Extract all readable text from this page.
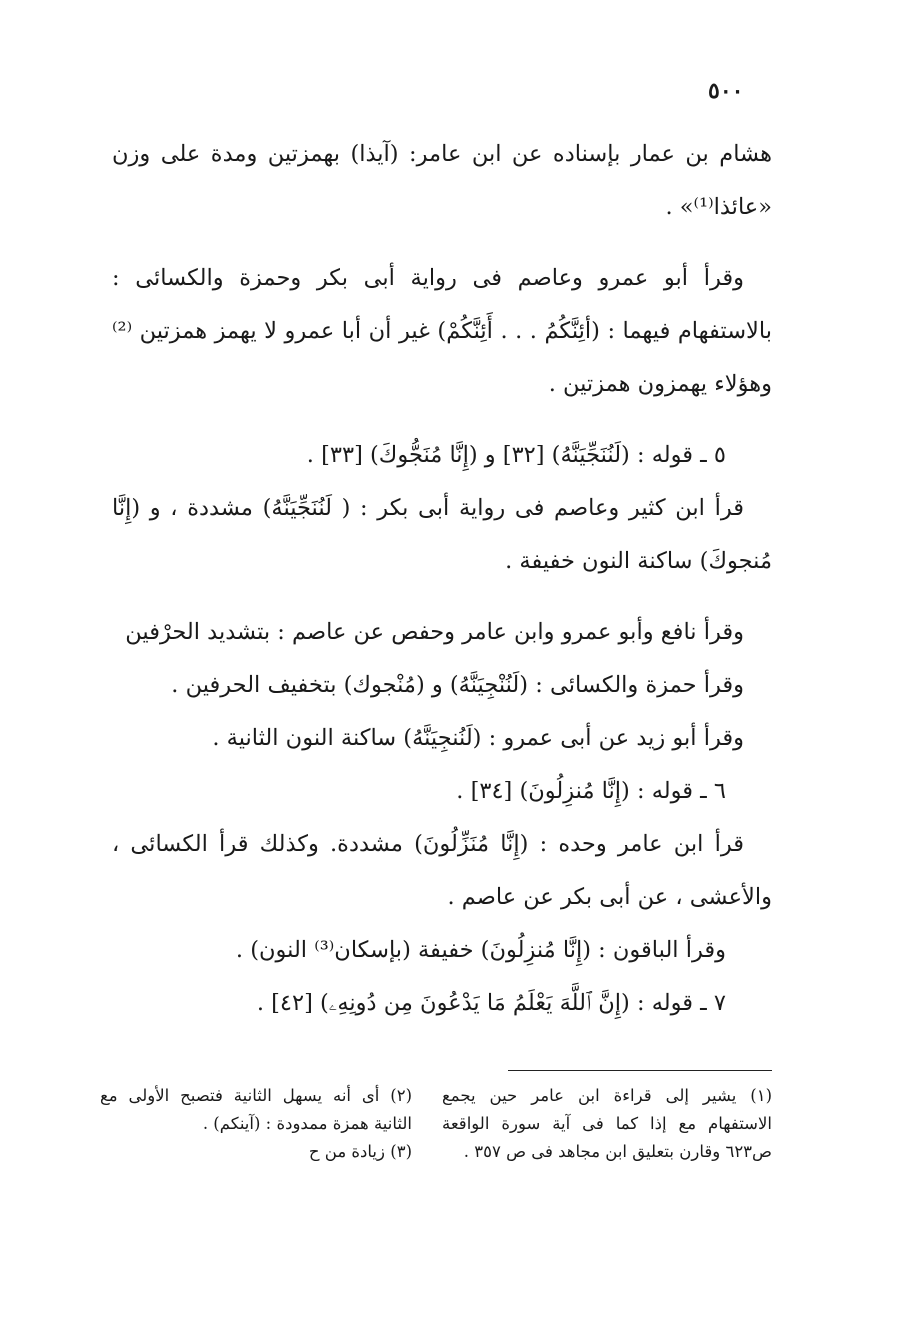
٥٠٠

هشام بن عمار بإسناده عن ابن عامر: (آيذا) بهمزتين ومدة على وزن «عائذا⁽¹⁾» .

وقرأ أبو عمرو وعاصم فى رواية أبى بكر وحمزة والكسائى : بالاستفهام فيهما : (أئِنَّكُمُ . . . أَئِنَّكُمْ) غير أن أبا عمرو لا يهمز همزتين ⁽²⁾ وهؤلاء يهمزون همزتين .

٥ ـ قوله : (لَنُنَجِّيَنَّهُ) [٣٢] و (إِنَّا مُنَجُّوكَ) [٣٣] .

قرأ ابن كثير وعاصم فى رواية أبى بكر : ( لَنُنَجِّيَنَّهُ) مشددة ، و (إِنَّا مُنجوكَ) ساكنة النون خفيفة .

وقرأ نافع وأبو عمرو وابن عامر وحفص عن عاصم : بتشديد الحرْفين

وقرأ حمزة والكسائى : (لَنُنْجِيَنَّهُ) و (مُنْجوك) بتخفيف الحرفين .

وقرأ أبو زيد عن أبى عمرو : (لَنُنجِيَنَّهُ) ساكنة النون الثانية .

٦ ـ قوله : (إِنَّا مُنزِلُونَ) [٣٤] .

قرأ ابن عامر وحده : (إِنَّا مُنَزِّلُونَ) مشددة. وكذلك قرأ الكسائى ، والأعشى ، عن أبى بكر عن عاصم .

وقرأ الباقون : (إِنَّا مُنزِلُونَ) خفيفة (بإسكان⁽³⁾ النون) .

٧ ـ قوله : (إِنَّ ٱللَّهَ يَعْلَمُ مَا يَدْعُونَ مِن دُونِهِۦ) [٤٢] .

(١) يشير إلى قراءة ابن عامر حين يجمع الاستفهام مع إذا كما فى آية سورة الواقعة ص٦٢٣ وقارن بتعليق ابن مجاهد فى ص ٣٥٧ .

(٢) أى أنه يسهل الثانية فتصبح الأولى مع الثانية همزة ممدودة : (آينكم) .

(٣) زيادة من ح
